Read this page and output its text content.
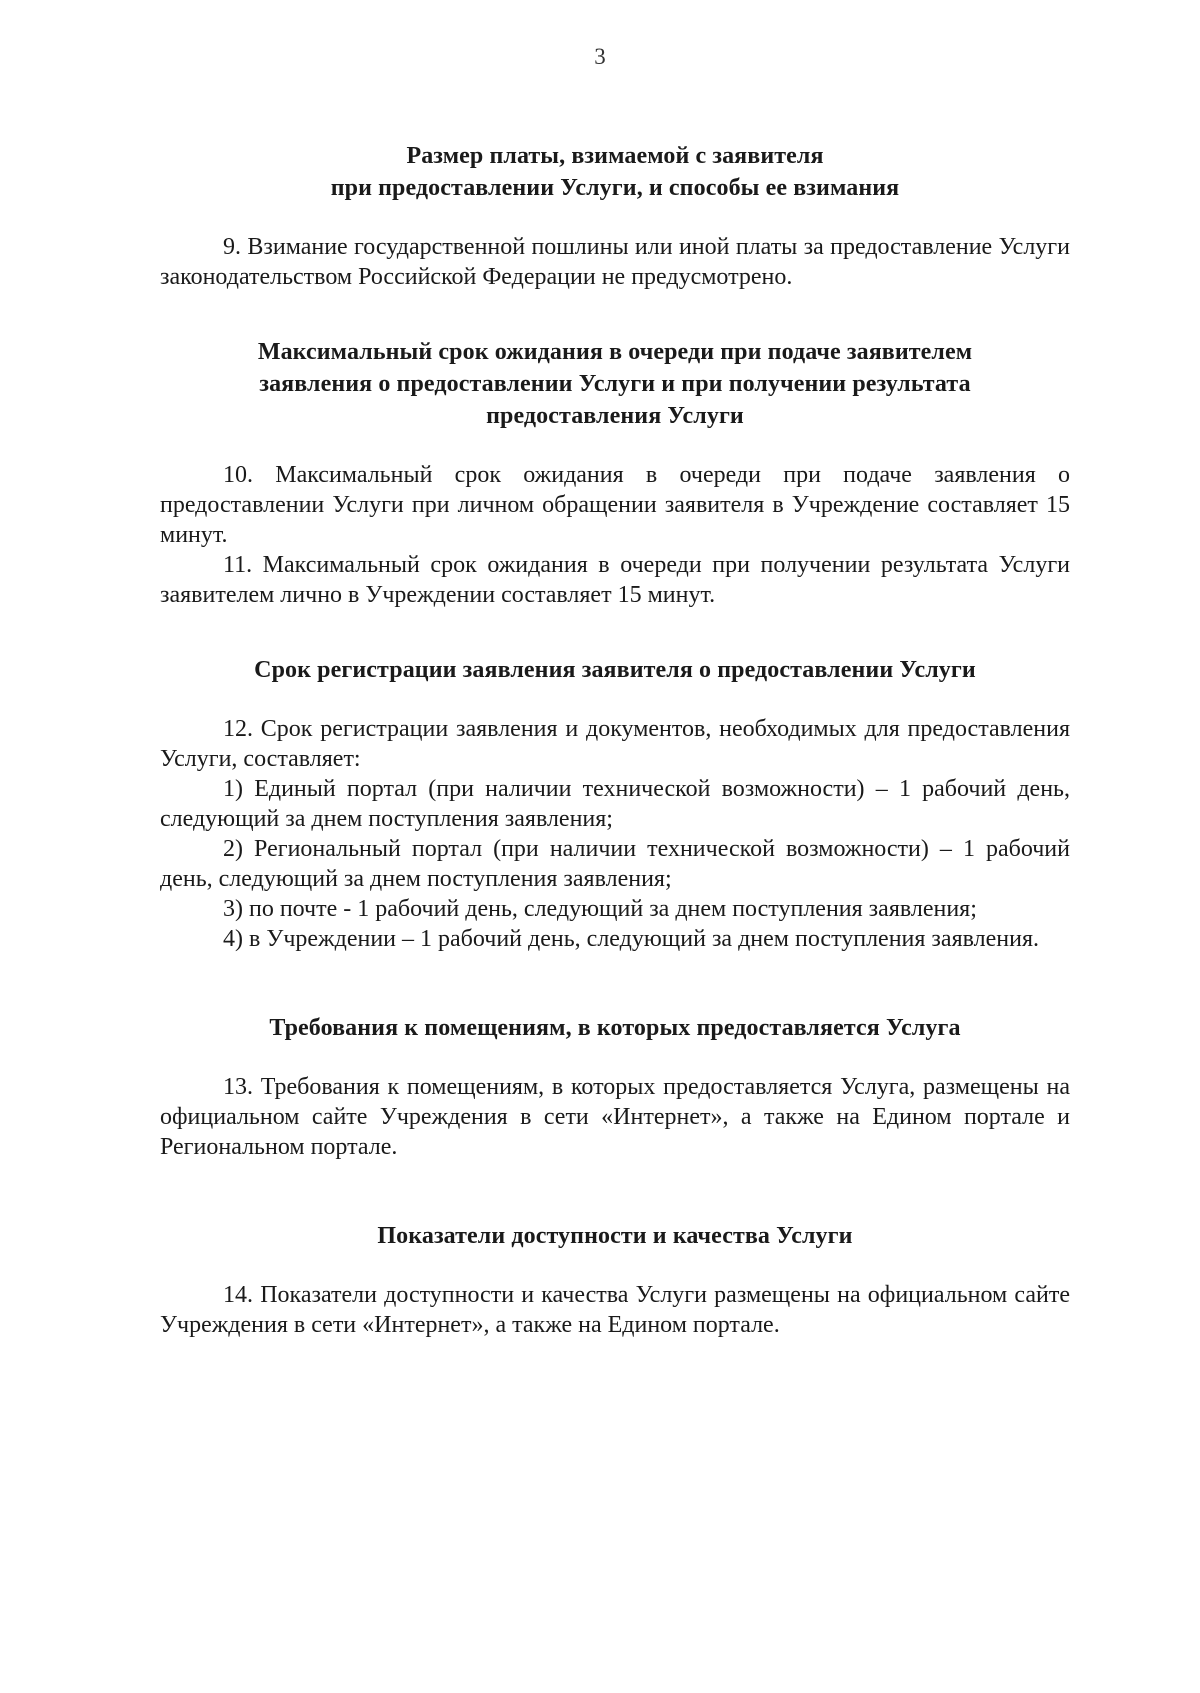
3

Размер платы, взимаемой с заявителя

при предоставлении Услуги, и способы ее взимания

9. Взимание государственной пошлины или иной платы за предоставление Услуги законодательством Российской Федерации не предусмотрено.

Максимальный срок ожидания в очереди при подаче заявителем

заявления о предоставлении Услуги и при получении результата

предоставления Услуги

10. Максимальный срок ожидания в очереди при подаче заявления о предоставлении Услуги при личном обращении заявителя в Учреждение составляет 15 минут.

11. Максимальный срок ожидания в очереди при получении результата Услуги заявителем лично в Учреждении составляет 15 минут.

Срок регистрации заявления заявителя о предоставлении Услуги

12. Срок регистрации заявления и документов, необходимых для предоставления Услуги, составляет:

1) Единый портал (при наличии технической возможности) – 1 рабочий день, следующий за днем поступления заявления;

2) Региональный портал (при наличии технической возможности) – 1 рабочий день, следующий за днем поступления заявления;

3) по почте - 1 рабочий день, следующий за днем поступления заявления;

4) в Учреждении – 1 рабочий день, следующий за днем поступления заявления.

Требования к помещениям, в которых предоставляется Услуга

13. Требования к помещениям, в которых предоставляется Услуга, размещены на официальном сайте Учреждения в сети «Интернет», а также на Едином портале и Региональном портале.

Показатели доступности и качества Услуги

14. Показатели доступности и качества Услуги размещены на официальном сайте Учреждения в сети «Интернет», а также на Едином портале.
